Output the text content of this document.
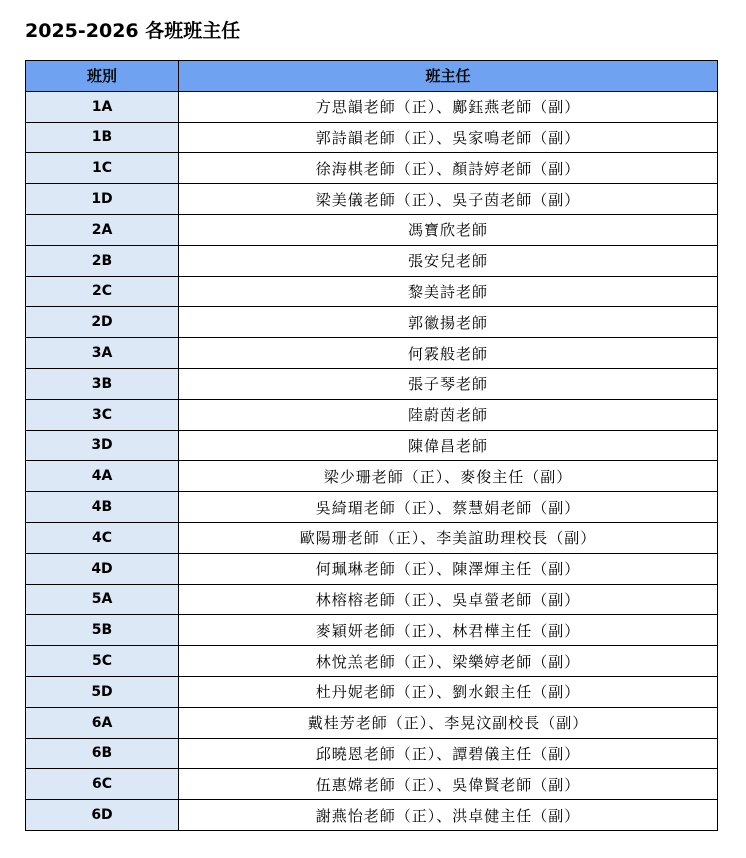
2025-2026 各班班主任
班別	班主任
1A	方思韻老師（正）、鄺鈺燕老師（副）
1B	郭詩韻老師（正）、吳家鳴老師（副）
1C	徐海棋老師（正）、顏詩婷老師（副）
1D	梁美儀老師（正）、吳子茵老師（副）
2A	馮寶欣老師
2B	張安兒老師
2C	黎美詩老師
2D	郭徽揚老師
3A	何霚般老師
3B	張子琴老師
3C	陸蔚茵老師
3D	陳偉昌老師
4A	梁少珊老師（正）、麥俊主任（副）
4B	吳綺瑂老師（正）、蔡慧娟老師（副）
4C	歐陽珊老師（正）、李美誼助理校長（副）
4D	何珮琳老師（正）、陳澤煇主任（副）
5A	林榕榕老師（正）、吳卓螢老師（副）
5B	麥穎妍老師（正）、林君樺主任（副）
5C	林悅羔老師（正）、梁樂婷老師（副）
5D	杜丹妮老師（正）、劉水銀主任（副）
6A	戴桂芳老師（正）、李晃汶副校長（副）
6B	邱曉恩老師（正）、譚碧儀主任（副）
6C	伍惠嫦老師（正）、吳偉賢老師（副）
6D	謝燕怡老師（正）、洪卓健主任（副）
